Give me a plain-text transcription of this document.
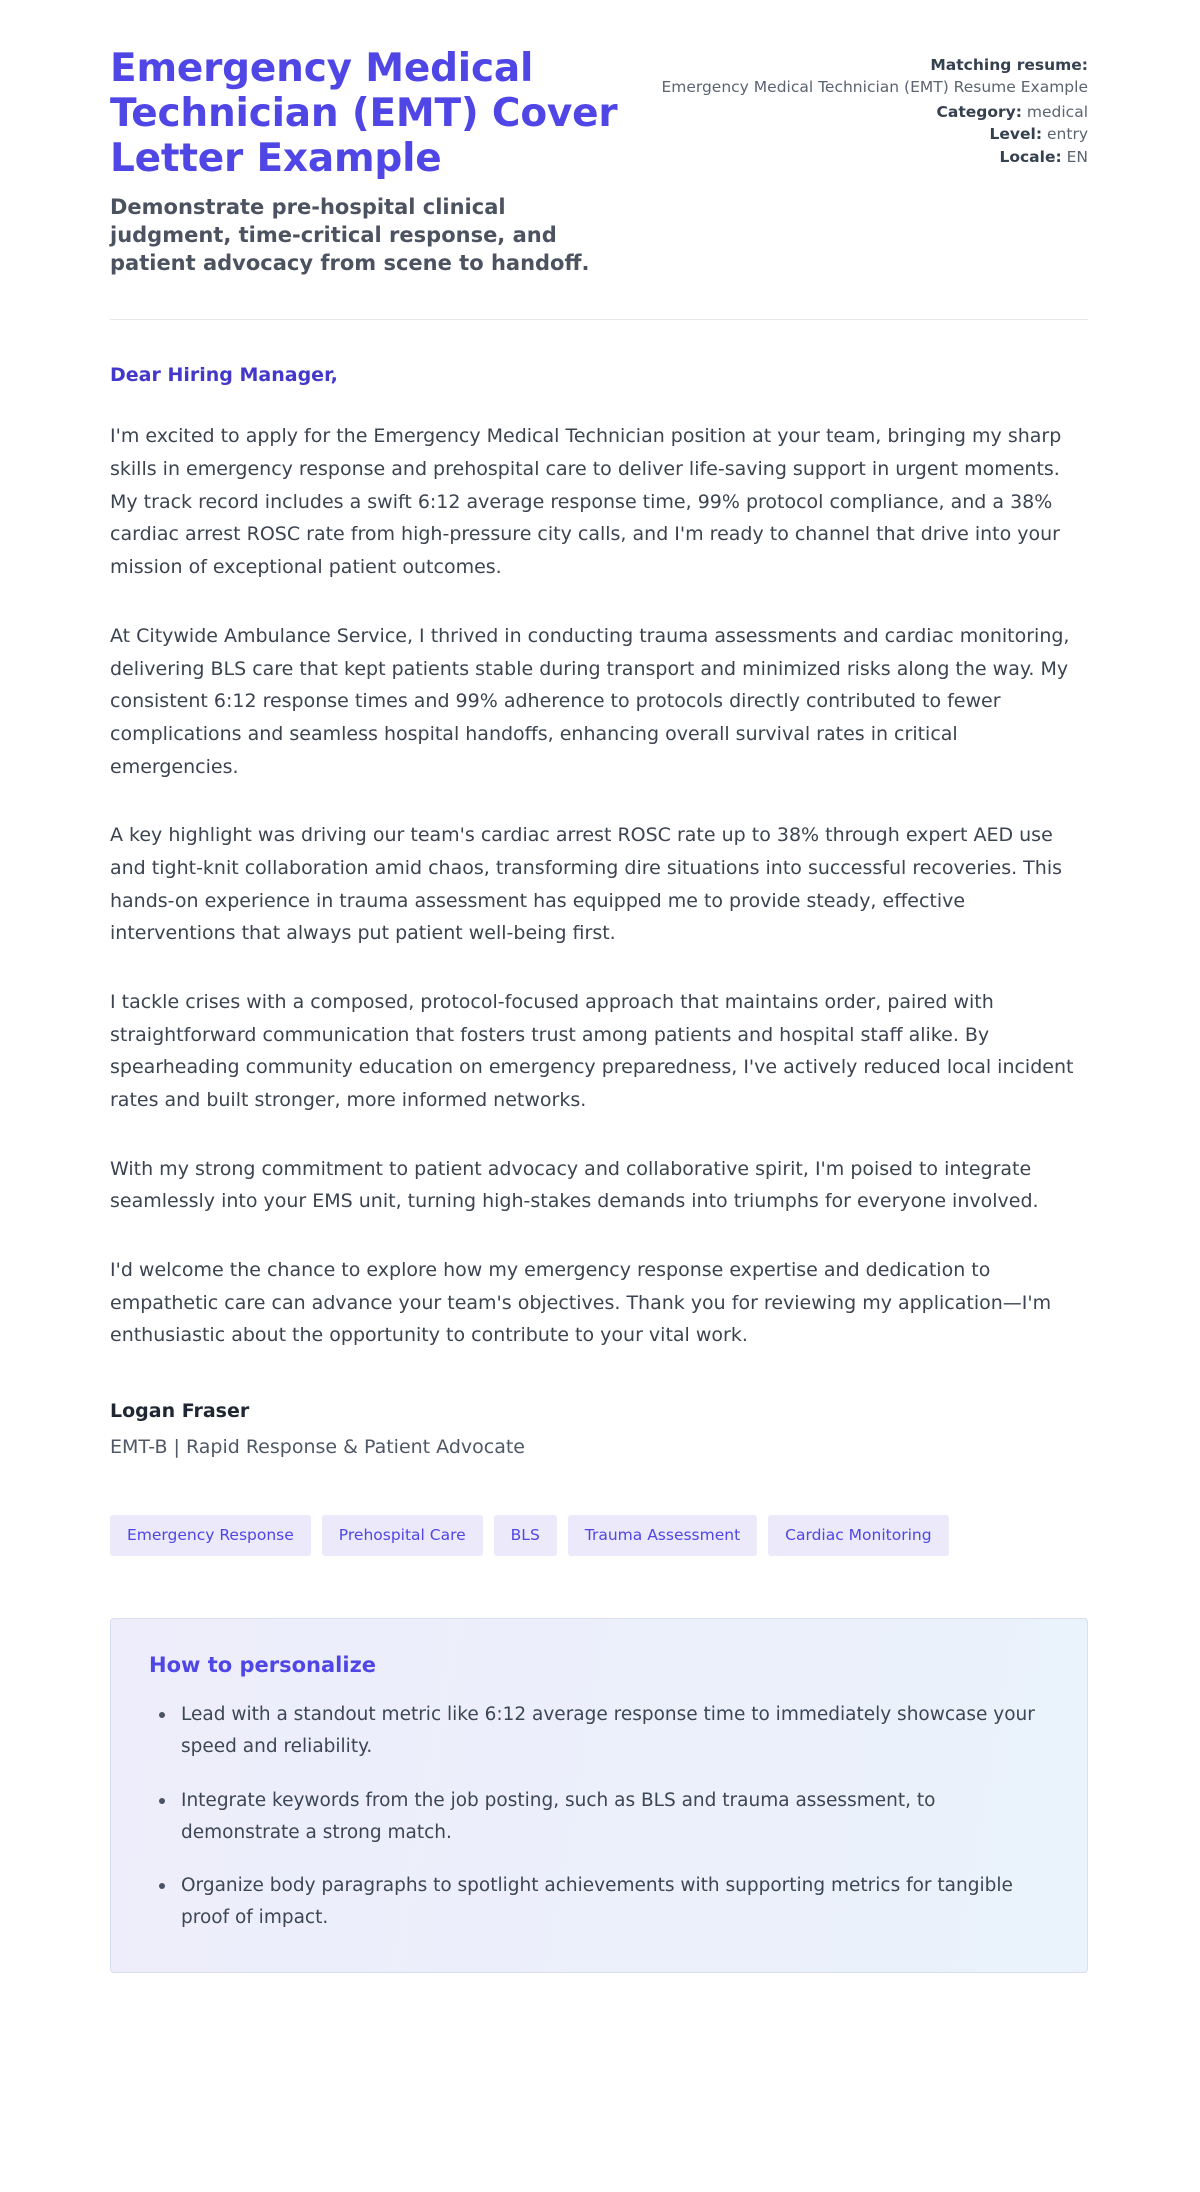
Emergency Medical Technician (EMT) Cover Letter Example

Demonstrate pre-hospital clinical judgment, time-critical response, and patient advocacy from scene to handoff.

Matching resume:
Emergency Medical Technician (EMT) Resume Example
Category: medical
Level: entry
Locale: EN

Dear Hiring Manager,

I'm excited to apply for the Emergency Medical Technician position at your team, bringing my sharp skills in emergency response and prehospital care to deliver life-saving support in urgent moments. My track record includes a swift 6:12 average response time, 99% protocol compliance, and a 38% cardiac arrest ROSC rate from high-pressure city calls, and I'm ready to channel that drive into your mission of exceptional patient outcomes.

At Citywide Ambulance Service, I thrived in conducting trauma assessments and cardiac monitoring, delivering BLS care that kept patients stable during transport and minimized risks along the way. My consistent 6:12 response times and 99% adherence to protocols directly contributed to fewer complications and seamless hospital handoffs, enhancing overall survival rates in critical emergencies.

A key highlight was driving our team's cardiac arrest ROSC rate up to 38% through expert AED use and tight-knit collaboration amid chaos, transforming dire situations into successful recoveries. This hands-on experience in trauma assessment has equipped me to provide steady, effective interventions that always put patient well-being first.

I tackle crises with a composed, protocol-focused approach that maintains order, paired with straightforward communication that fosters trust among patients and hospital staff alike. By spearheading community education on emergency preparedness, I've actively reduced local incident rates and built stronger, more informed networks.

With my strong commitment to patient advocacy and collaborative spirit, I'm poised to integrate seamlessly into your EMS unit, turning high-stakes demands into triumphs for everyone involved.

I'd welcome the chance to explore how my emergency response expertise and dedication to empathetic care can advance your team's objectives. Thank you for reviewing my application—I'm enthusiastic about the opportunity to contribute to your vital work.

Logan Fraser

EMT-B | Rapid Response & Patient Advocate

Emergency Response	Prehospital Care	BLS	Trauma Assessment	Cardiac Monitoring
How to personalize
Lead with a standout metric like 6:12 average response time to immediately showcase your speed and reliability.
Integrate keywords from the job posting, such as BLS and trauma assessment, to demonstrate a strong match.
Organize body paragraphs to spotlight achievements with supporting metrics for tangible proof of impact.
